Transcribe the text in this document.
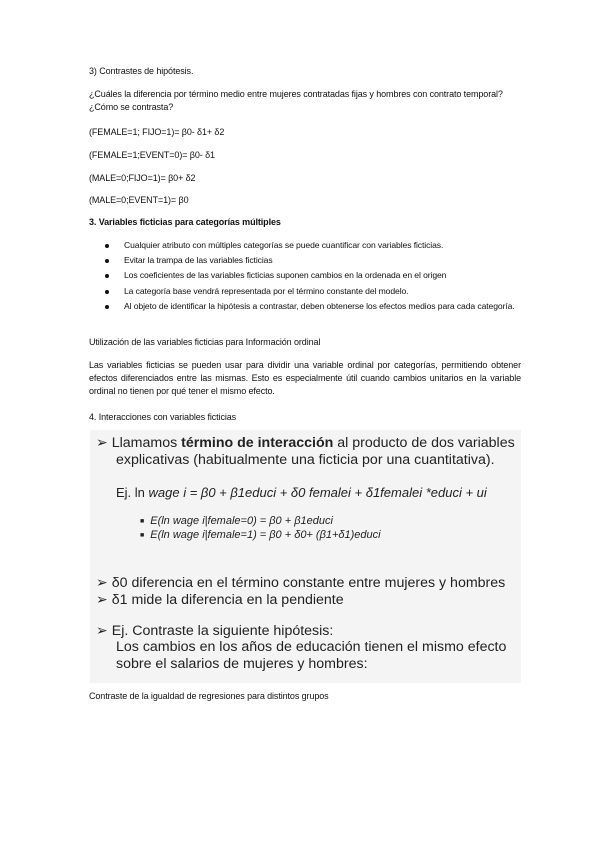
3) Contrastes de hipótesis.
¿Cuáles la diferencia por término medio entre mujeres contratadas fijas y hombres con contrato temporal? ¿Cómo se contrasta?
(FEMALE=1; FIJO=1)= β0- δ1+ δ2
(FEMALE=1;EVENT=0)= β0- δ1
(MALE=0;FIJO=1)= β0+ δ2
(MALE=0;EVENT=1)= β0
3. Variables ficticias para categorías múltiples
Cualquier atributo con múltiples categorías se puede cuantificar con variables ficticias.
Evitar la trampa de las variables ficticias
Los coeficientes de las variables ficticias suponen cambios en la ordenada en el origen
La categoría base vendrá representada por el término constante del modelo.
Al objeto de identificar la hipótesis a contrastar, deben obtenerse los efectos medios para cada categoría.
Utilización de las variables ficticias para Información ordinal
Las variables ficticias se pueden usar para dividir una variable ordinal por categorías, permitiendo obtener efectos diferenciados entre las mismas. Esto es especialmente útil cuando cambios unitarios en la variable ordinal no tienen por qué tener el mismo efecto.
4. Interacciones con variables ficticias
➢ Llamamos término de interacción al producto de dos variables
explicativas (habitualmente una ficticia por una cuantitativa).
Ej. ln wage i = β0 + β1educi + δ0 femalei + δ1femalei *educi + ui
■ E(ln wage i|female=0) = β0 + β1educi
■ E(ln wage i|female=1) = β0 + δ0+ (β1+δ1)educi
➢ δ0 diferencia en el término constante entre mujeres y hombres
➢ δ1 mide la diferencia en la pendiente
➢ Ej. Contraste la siguiente hipótesis:
Los cambios en los años de educación tienen el mismo efecto
sobre el salarios de mujeres y hombres:
Contraste de la igualdad de regresiones para distintos grupos
